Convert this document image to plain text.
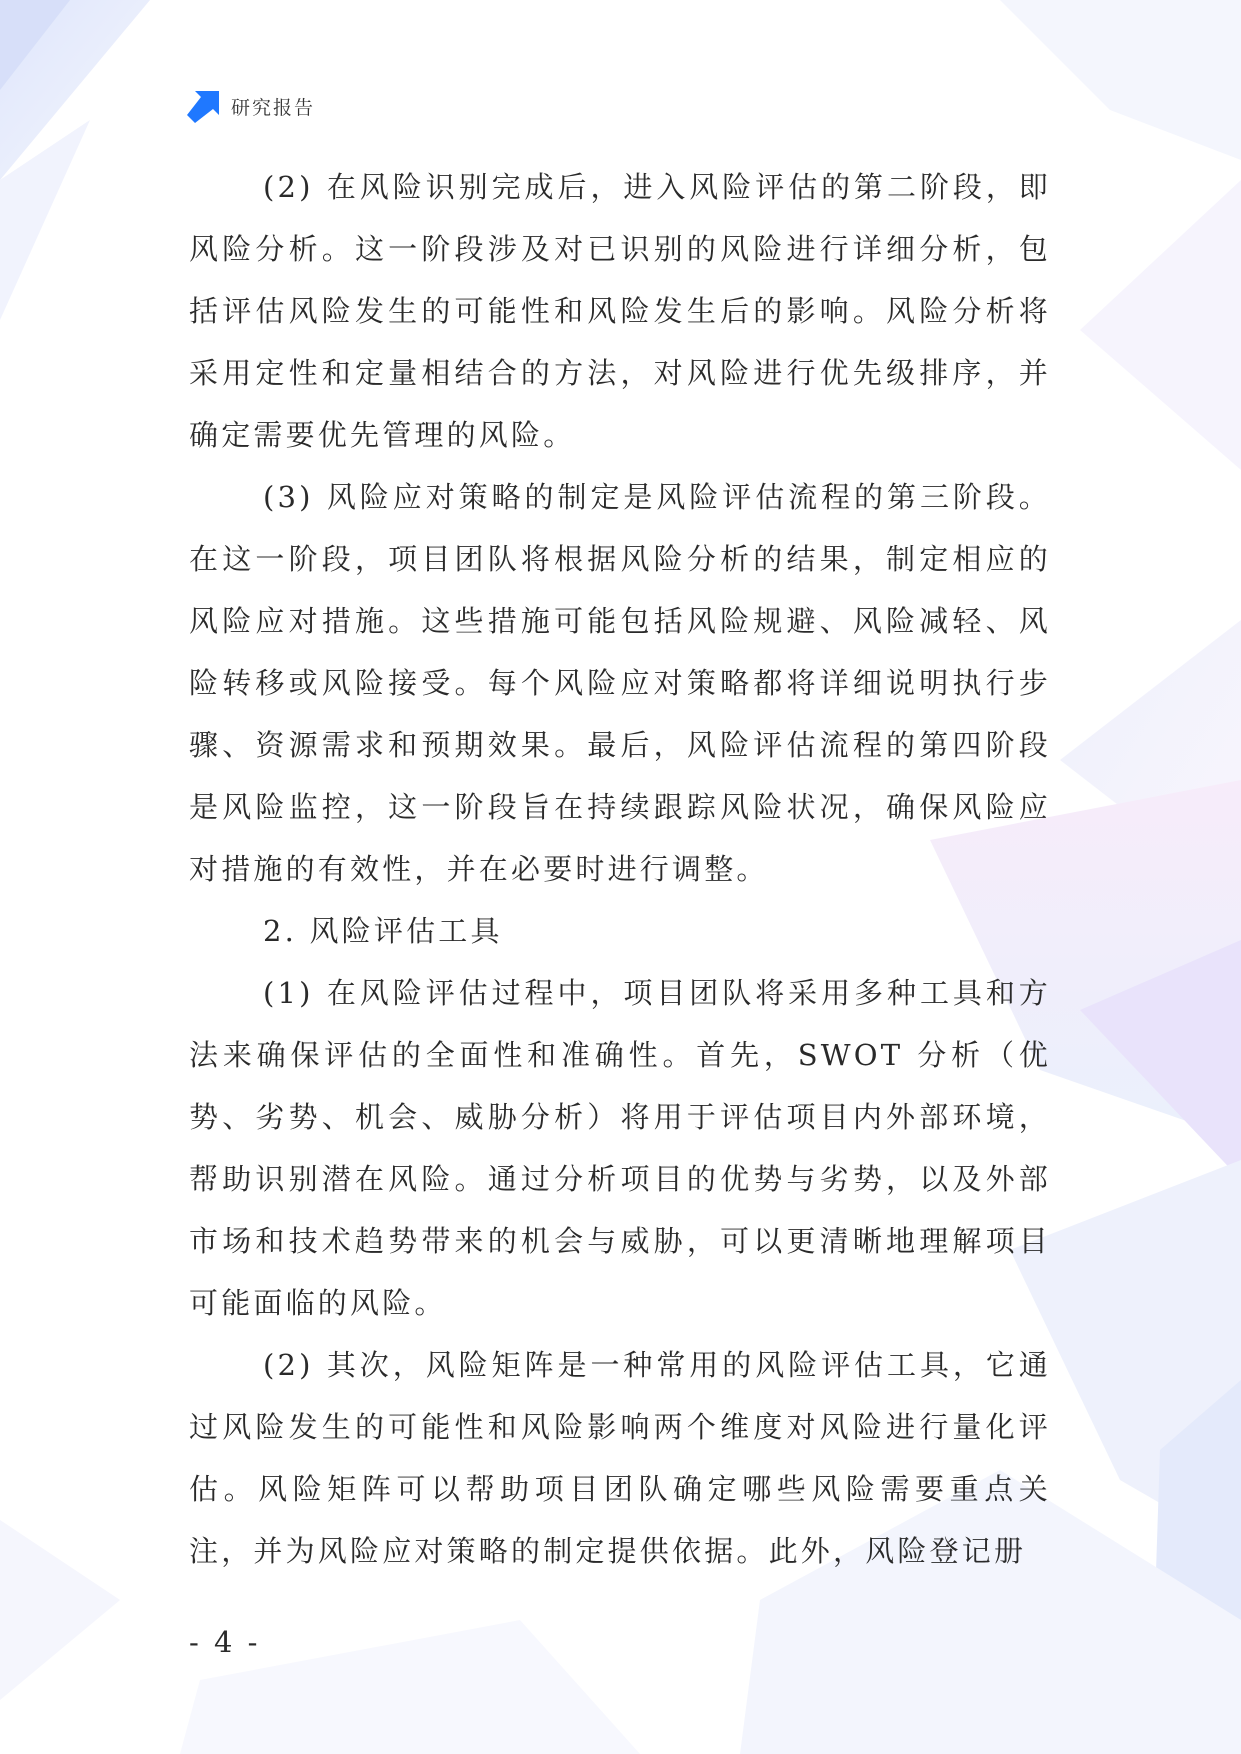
研究报告

(2) 在风险识别完成后，进入风险评估的第二阶段，即风险分析。这一阶段涉及对已识别的风险进行详细分析，包括评估风险发生的可能性和风险发生后的影响。风险分析将采用定性和定量相结合的方法，对风险进行优先级排序，并确定需要优先管理的风险。

(3) 风险应对策略的制定是风险评估流程的第三阶段。在这一阶段，项目团队将根据风险分析的结果，制定相应的风险应对措施。这些措施可能包括风险规避、风险减轻、风险转移或风险接受。每个风险应对策略都将详细说明执行步骤、资源需求和预期效果。最后，风险评估流程的第四阶段是风险监控，这一阶段旨在持续跟踪风险状况，确保风险应对措施的有效性，并在必要时进行调整。

2. 风险评估工具

(1) 在风险评估过程中，项目团队将采用多种工具和方法来确保评估的全面性和准确性。首先，SWOT 分析（优势、劣势、机会、威胁分析）将用于评估项目内外部环境，帮助识别潜在风险。通过分析项目的优势与劣势，以及外部市场和技术趋势带来的机会与威胁，可以更清晰地理解项目可能面临的风险。

(2) 其次，风险矩阵是一种常用的风险评估工具，它通过风险发生的可能性和风险影响两个维度对风险进行量化评估。风险矩阵可以帮助项目团队确定哪些风险需要重点关注，并为风险应对策略的制定提供依据。此外，风险登记册

- 4 -
